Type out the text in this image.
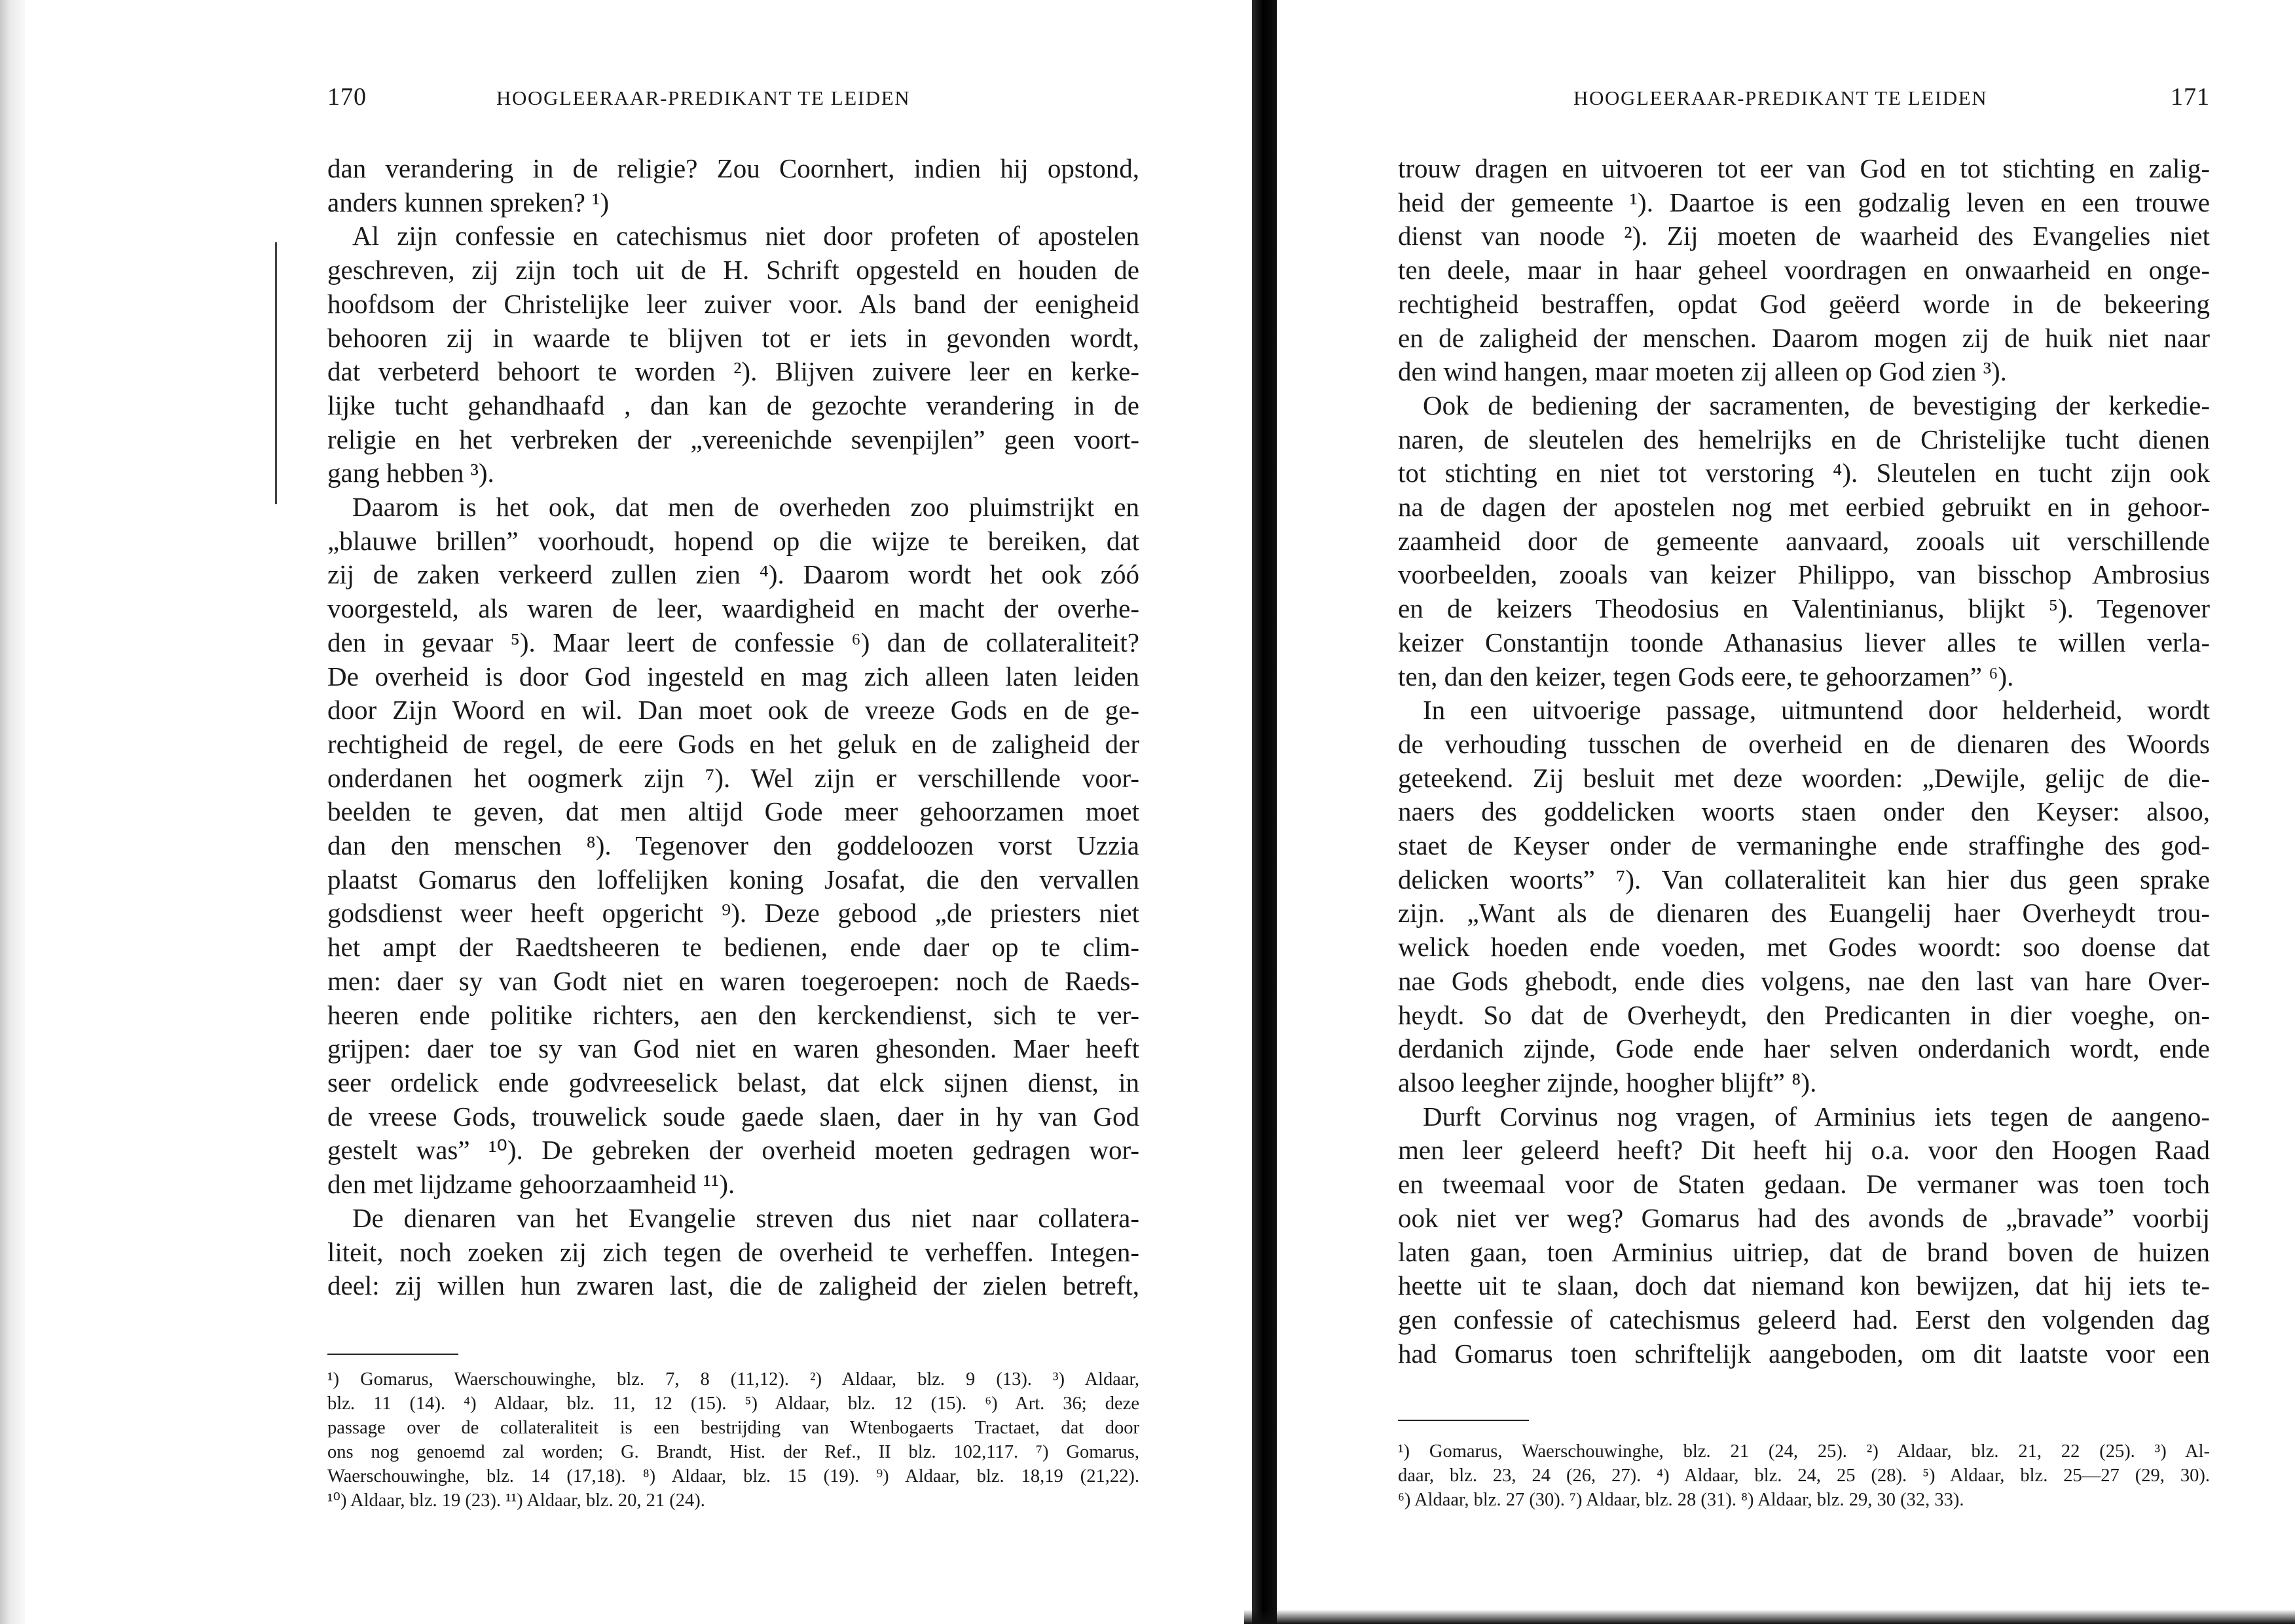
170	HOOGLEERAAR-PREDIKANT TE LEIDEN
dan verandering in de religie? Zou Coornhert, indien hij opstond,
anders kunnen spreken? ¹)
Al zijn confessie en catechismus niet door profeten of apostelen
geschreven, zij zijn toch uit de H. Schrift opgesteld en houden de
hoofdsom der Christelijke leer zuiver voor. Als band der eenigheid
behooren zij in waarde te blijven tot er iets in gevonden wordt,
dat verbeterd behoort te worden ²). Blijven zuivere leer en kerke-
lijke tucht gehandhaafd , dan kan de gezochte verandering in de
religie en het verbreken der „vereenichde sevenpijlen” geen voort-
gang hebben ³).
Daarom is het ook, dat men de overheden zoo pluimstrijkt en
„blauwe brillen” voorhoudt, hopend op die wijze te bereiken, dat
zij de zaken verkeerd zullen zien ⁴). Daarom wordt het ook zóó
voorgesteld, als waren de leer, waardigheid en macht der overhe-
den in gevaar ⁵). Maar leert de confessie ⁶) dan de collateraliteit?
De overheid is door God ingesteld en mag zich alleen laten leiden
door Zijn Woord en wil. Dan moet ook de vreeze Gods en de ge-
rechtigheid de regel, de eere Gods en het geluk en de zaligheid der
onderdanen het oogmerk zijn ⁷). Wel zijn er verschillende voor-
beelden te geven, dat men altijd Gode meer gehoorzamen moet
dan den menschen ⁸). Tegenover den goddeloozen vorst Uzzia
plaatst Gomarus den loffelijken koning Josafat, die den vervallen
godsdienst weer heeft opgericht ⁹). Deze gebood „de priesters niet
het ampt der Raedtsheeren te bedienen, ende daer op te clim-
men: daer sy van Godt niet en waren toegeroepen: noch de Raeds-
heeren ende politike richters, aen den kerckendienst, sich te ver-
grijpen: daer toe sy van God niet en waren ghesonden. Maer heeft
seer ordelick ende godvreeselick belast, dat elck sijnen dienst, in
de vreese Gods, trouwelick soude gaede slaen, daer in hy van God
gestelt was” ¹⁰). De gebreken der overheid moeten gedragen wor-
den met lijdzame gehoorzaamheid ¹¹).
De dienaren van het Evangelie streven dus niet naar collatera-
liteit, noch zoeken zij zich tegen de overheid te verheffen. Integen-
deel: zij willen hun zwaren last, die de zaligheid der zielen betreft,
¹) Gomarus, Waerschouwinghe, blz. 7, 8 (11,12). ²) Aldaar, blz. 9 (13). ³) Aldaar,
blz. 11 (14). ⁴) Aldaar, blz. 11, 12 (15). ⁵) Aldaar, blz. 12 (15). ⁶) Art. 36; deze
passage over de collateraliteit is een bestrijding van Wtenbogaerts Tractaet, dat door
ons nog genoemd zal worden; G. Brandt, Hist. der Ref., II blz. 102,117. ⁷) Gomarus,
Waerschouwinghe, blz. 14 (17,18). ⁸) Aldaar, blz. 15 (19). ⁹) Aldaar, blz. 18,19 (21,22).
¹⁰) Aldaar, blz. 19 (23). ¹¹) Aldaar, blz. 20, 21 (24).
HOOGLEERAAR-PREDIKANT TE LEIDEN	171
trouw dragen en uitvoeren tot eer van God en tot stichting en zalig-
heid der gemeente ¹). Daartoe is een godzalig leven en een trouwe
dienst van noode ²). Zij moeten de waarheid des Evangelies niet
ten deele, maar in haar geheel voordragen en onwaarheid en onge-
rechtigheid bestraffen, opdat God geëerd worde in de bekeering
en de zaligheid der menschen. Daarom mogen zij de huik niet naar
den wind hangen, maar moeten zij alleen op God zien ³).
Ook de bediening der sacramenten, de bevestiging der kerkedie-
naren, de sleutelen des hemelrijks en de Christelijke tucht dienen
tot stichting en niet tot verstoring ⁴). Sleutelen en tucht zijn ook
na de dagen der apostelen nog met eerbied gebruikt en in gehoor-
zaamheid door de gemeente aanvaard, zooals uit verschillende
voorbeelden, zooals van keizer Philippo, van bisschop Ambrosius
en de keizers Theodosius en Valentinianus, blijkt ⁵). Tegenover
keizer Constantijn toonde Athanasius liever alles te willen verla-
ten, dan den keizer, tegen Gods eere, te gehoorzamen” ⁶).
In een uitvoerige passage, uitmuntend door helderheid, wordt
de verhouding tusschen de overheid en de dienaren des Woords
geteekend. Zij besluit met deze woorden: „Dewijle, gelijc de die-
naers des goddelicken woorts staen onder den Keyser: alsoo,
staet de Keyser onder de vermaninghe ende straffinghe des god-
delicken woorts” ⁷). Van collateraliteit kan hier dus geen sprake
zijn. „Want als de dienaren des Euangelij haer Overheydt trou-
welick hoeden ende voeden, met Godes woordt: soo doense dat
nae Gods ghebodt, ende dies volgens, nae den last van hare Over-
heydt. So dat de Overheydt, den Predicanten in dier voeghe, on-
derdanich zijnde, Gode ende haer selven onderdanich wordt, ende
alsoo leegher zijnde, hoogher blijft” ⁸).
Durft Corvinus nog vragen, of Arminius iets tegen de aangeno-
men leer geleerd heeft? Dit heeft hij o.a. voor den Hoogen Raad
en tweemaal voor de Staten gedaan. De vermaner was toen toch
ook niet ver weg? Gomarus had des avonds de „bravade” voorbij
laten gaan, toen Arminius uitriep, dat de brand boven de huizen
heette uit te slaan, doch dat niemand kon bewijzen, dat hij iets te-
gen confessie of catechismus geleerd had. Eerst den volgenden dag
had Gomarus toen schriftelijk aangeboden, om dit laatste voor een
¹) Gomarus, Waerschouwinghe, blz. 21 (24, 25). ²) Aldaar, blz. 21, 22 (25). ³) Al-
daar, blz. 23, 24 (26, 27). ⁴) Aldaar, blz. 24, 25 (28). ⁵) Aldaar, blz. 25—27 (29, 30).
⁶) Aldaar, blz. 27 (30). ⁷) Aldaar, blz. 28 (31). ⁸) Aldaar, blz. 29, 30 (32, 33).
